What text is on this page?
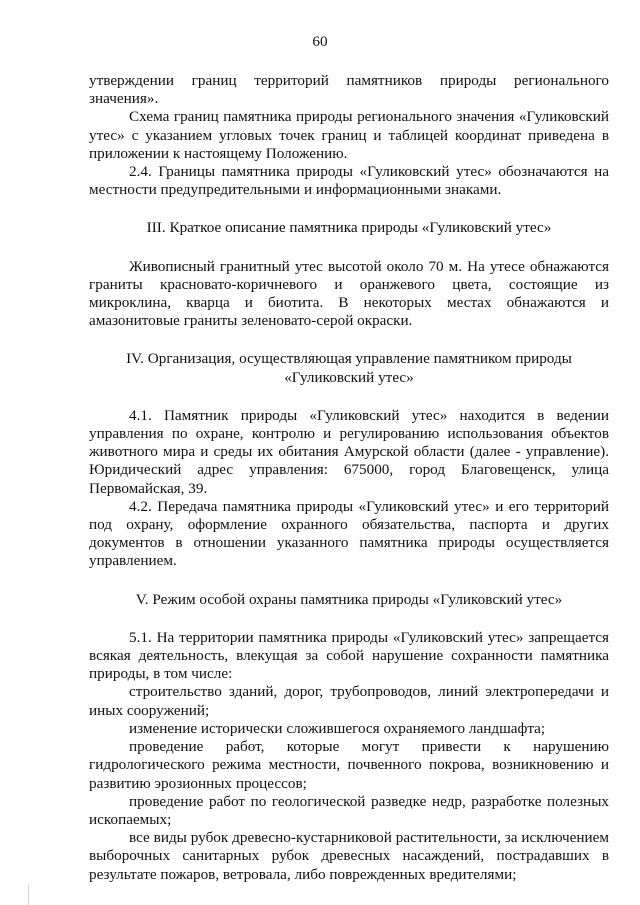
60

утверждении границ территорий памятников природы регионального значения».

Схема границ памятника природы регионального значения «Гуликовский утес» с указанием угловых точек границ и таблицей координат приведена в приложении к настоящему Положению.

2.4. Границы памятника природы «Гуликовский утес» обозначаются на местности предупредительными и информационными знаками.

III. Краткое описание памятника природы «Гуликовский утес»

Живописный гранитный утес высотой около 70 м. На утесе обнажаются граниты красновато-коричневого и оранжевого цвета, состоящие из микроклина, кварца и биотита. В некоторых местах обнажаются и амазонитовые граниты зеленовато-серой окраски.

IV. Организация, осуществляющая управление памятником природы

«Гуликовский утес»

4.1. Памятник природы «Гуликовский утес» находится в ведении управления по охране, контролю и регулированию использования объектов животного мира и среды их обитания Амурской области (далее - управление). Юридический адрес управления: 675000, город Благовещенск, улица Первомайская, 39.

4.2. Передача памятника природы «Гуликовский утес» и его территорий под охрану, оформление охранного обязательства, паспорта и других документов в отношении указанного памятника природы осуществляется управлением.

V. Режим особой охраны памятника природы «Гуликовский утес»

5.1. На территории памятника природы «Гуликовский утес» запрещается всякая деятельность, влекущая за собой нарушение сохранности памятника природы, в том числе:

строительство зданий, дорог, трубопроводов, линий электропередачи и иных сооружений;

изменение исторически сложившегося охраняемого ландшафта;

проведение работ, которые могут привести к нарушению гидрологического режима местности, почвенного покрова, возникновению и развитию эрозионных процессов;

проведение работ по геологической разведке недр, разработке полезных ископаемых;

все виды рубок древесно-кустарниковой растительности, за исключением выборочных санитарных рубок древесных насаждений, пострадавших в результате пожаров, ветровала, либо поврежденных вредителями;
